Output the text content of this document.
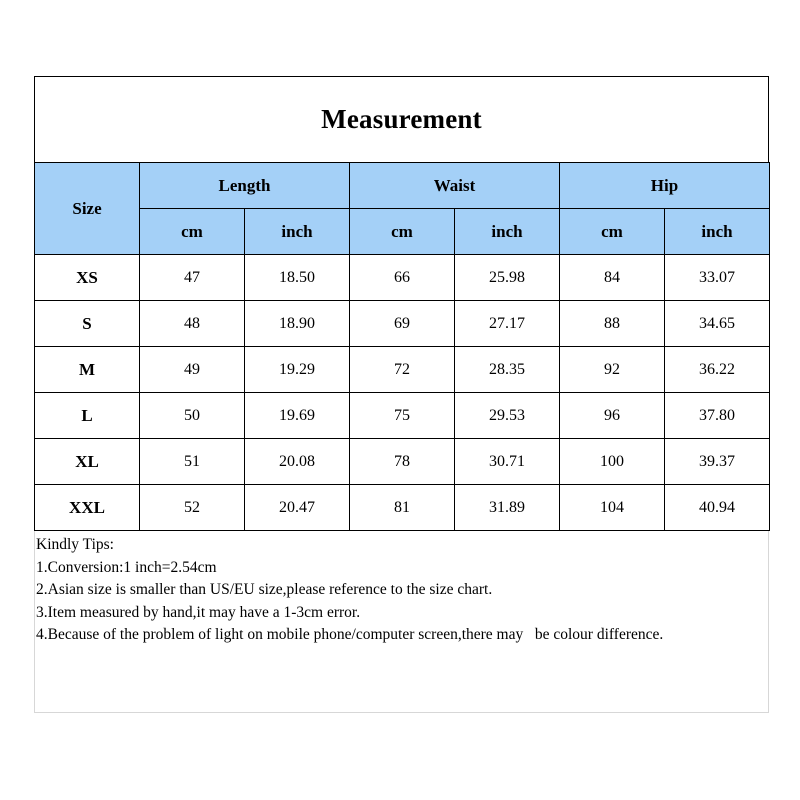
Measurement
Size	Length		Waist		Hip	
	cm	inch	cm	inch	cm	inch
XS	47	18.50	66	25.98	84	33.07
S	48	18.90	69	27.17	88	34.65
M	49	19.29	72	28.35	92	36.22
L	50	19.69	75	29.53	96	37.80
XL	51	20.08	78	30.71	100	39.37
XXL	52	20.47	81	31.89	104	40.94
Kindly Tips:
1.Conversion:1 inch=2.54cm
2.Asian size is smaller than US/EU size,please reference to the size chart.
3.Item measured by hand,it may have a 1-3cm error.
4.Because of the problem of light on mobile phone/computer screen,there may   be colour difference.
